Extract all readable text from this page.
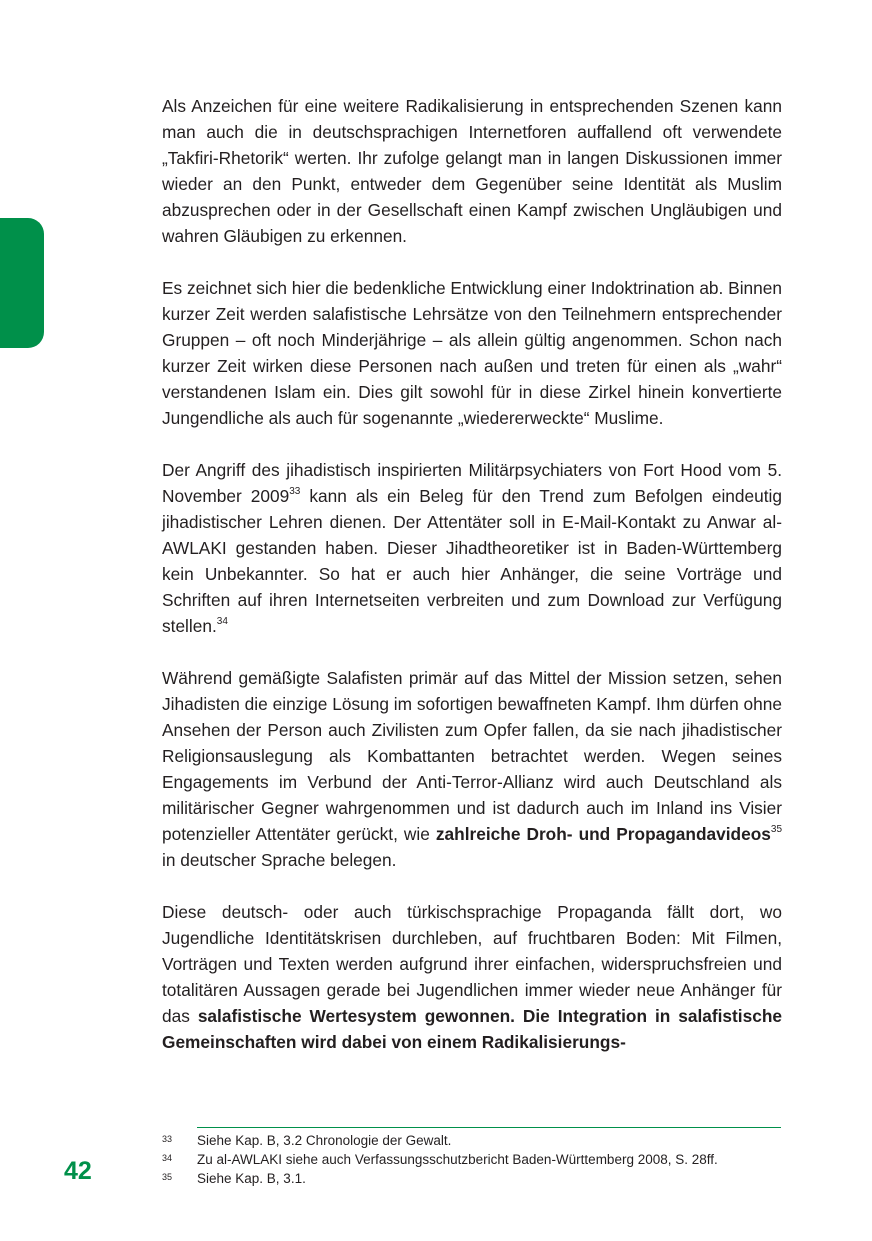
Als Anzeichen für eine weitere Radikalisierung in entsprechenden Szenen kann man auch die in deutschsprachigen Internetforen auffallend oft verwendete „Takfiri-Rhetorik“ werten. Ihr zufolge gelangt man in langen Diskussionen immer wieder an den Punkt, entweder dem Gegenüber seine Identität als Muslim abzusprechen oder in der Gesellschaft einen Kampf zwischen Ungläubigen und wahren Gläubigen zu erkennen.

Es zeichnet sich hier die bedenkliche Entwicklung einer Indoktrination ab. Binnen kurzer Zeit werden salafistische Lehrsätze von den Teilnehmern entsprechender Gruppen – oft noch Minderjährige – als allein gültig angenommen. Schon nach kurzer Zeit wirken diese Personen nach außen und treten für einen als „wahr“ verstandenen Islam ein. Dies gilt sowohl für in diese Zirkel hinein konvertierte Jungendliche als auch für sogenannte „wiedererweckte“ Muslime.

Der Angriff des jihadistisch inspirierten Militärpsychiaters von Fort Hood vom 5. November 2009$^{33}$ kann als ein Beleg für den Trend zum Befolgen eindeutig jihadistischer Lehren dienen. Der Attentäter soll in E-Mail-Kontakt zu Anwar al-AWLAKI gestanden haben. Dieser Jihadtheoretiker ist in Baden-Württemberg kein Unbekannter. So hat er auch hier Anhänger, die seine Vorträge und Schriften auf ihren Internetseiten verbreiten und zum Download zur Verfügung stellen.$^{34}$

Während gemäßigte Salafisten primär auf das Mittel der Mission setzen, sehen Jihadisten die einzige Lösung im sofortigen bewaffneten Kampf. Ihm dürfen ohne Ansehen der Person auch Zivilisten zum Opfer fallen, da sie nach jihadistischer Religionsauslegung als Kombattanten betrachtet werden. Wegen seines Engagements im Verbund der Anti-Terror-Allianz wird auch Deutschland als militärischer Gegner wahrgenommen und ist dadurch auch im Inland ins Visier potenzieller Attentäter gerückt, wie zahlreiche Droh- und Propagandavideos$^{35}$ in deutscher Sprache belegen.

Diese deutsch- oder auch türkischsprachige Propaganda fällt dort, wo Jugendliche Identitätskrisen durchleben, auf fruchtbaren Boden: Mit Filmen, Vorträgen und Texten werden aufgrund ihrer einfachen, widerspruchsfreien und totalitären Aussagen gerade bei Jugendlichen immer wieder neue Anhänger für das salafistische Wertesystem gewonnen. Die Integration in salafistische Gemeinschaften wird dabei von einem Radikalisierungs-

33	Siehe Kap. B, 3.2 Chronologie der Gewalt.
34	Zu al-AWLAKI siehe auch Verfassungsschutzbericht Baden-Württemberg 2008, S. 28ff.
35	Siehe Kap. B, 3.1.
42
